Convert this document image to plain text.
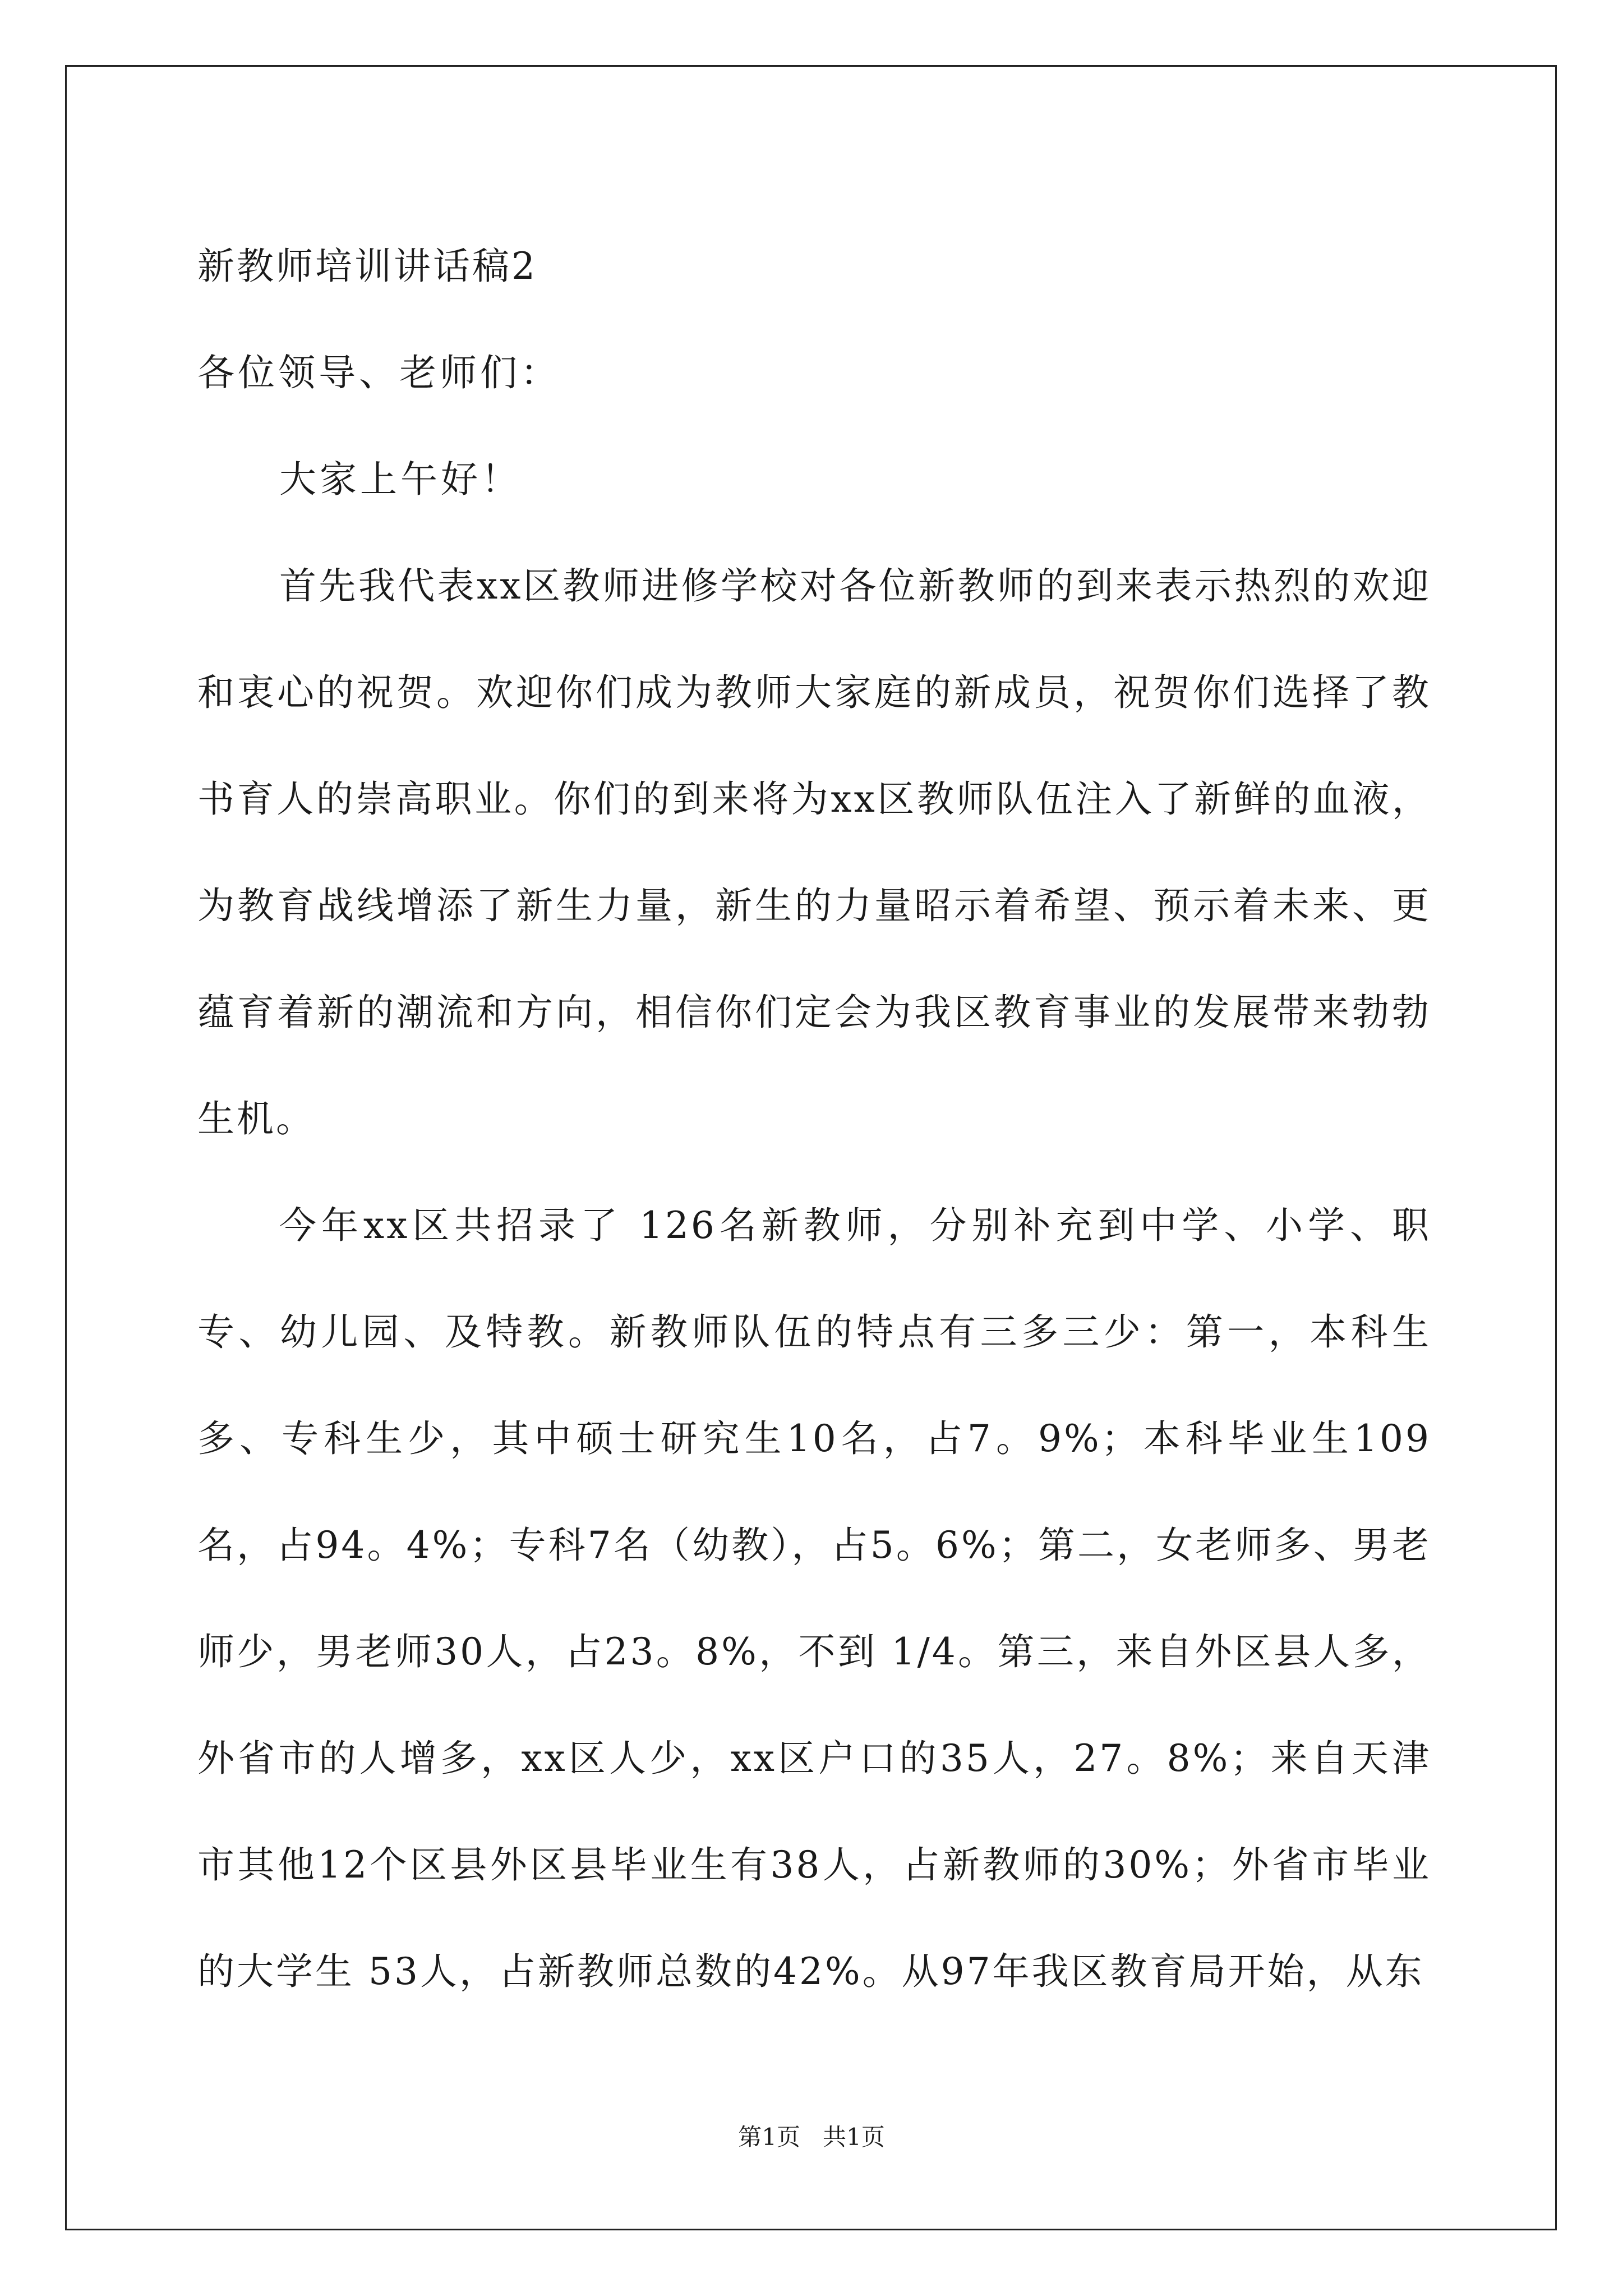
新教师培训讲话稿2
各位领导、老师们：

大家上午好！

首先我代表xx区教师进修学校对各位新教师的到来表示热烈的欢迎和衷心的祝贺。欢迎你们成为教师大家庭的新成员，祝贺你们选择了教书育人的崇高职业。你们的到来将为xx区教师队伍注入了新鲜的血液，为教育战线增添了新生力量，新生的力量昭示着希望、预示着未来、更蕴育着新的潮流和方向，相信你们定会为我区教育事业的发展带来勃勃生机。

今年xx区共招录了 126名新教师，分别补充到中学、小学、职专、幼儿园、及特教。新教师队伍的特点有三多三少：第一，本科生多、专科生少，其中硕士研究生10名，占7。9%；本科毕业生109名，占94。4%；专科7名（幼教），占5。6%；第二，女老师多、男老师少，男老师30人，占23。8%，不到 1/4。第三，来自外区县人多，外省市的人增多，xx区人少，xx区户口的35人，27。8%；来自天津市其他12个区县外区县毕业生有38人，占新教师的30%；外省市毕业的大学生 53人，占新教师总数的42%。从97年我区教育局开始，从东

第1页   共1页
